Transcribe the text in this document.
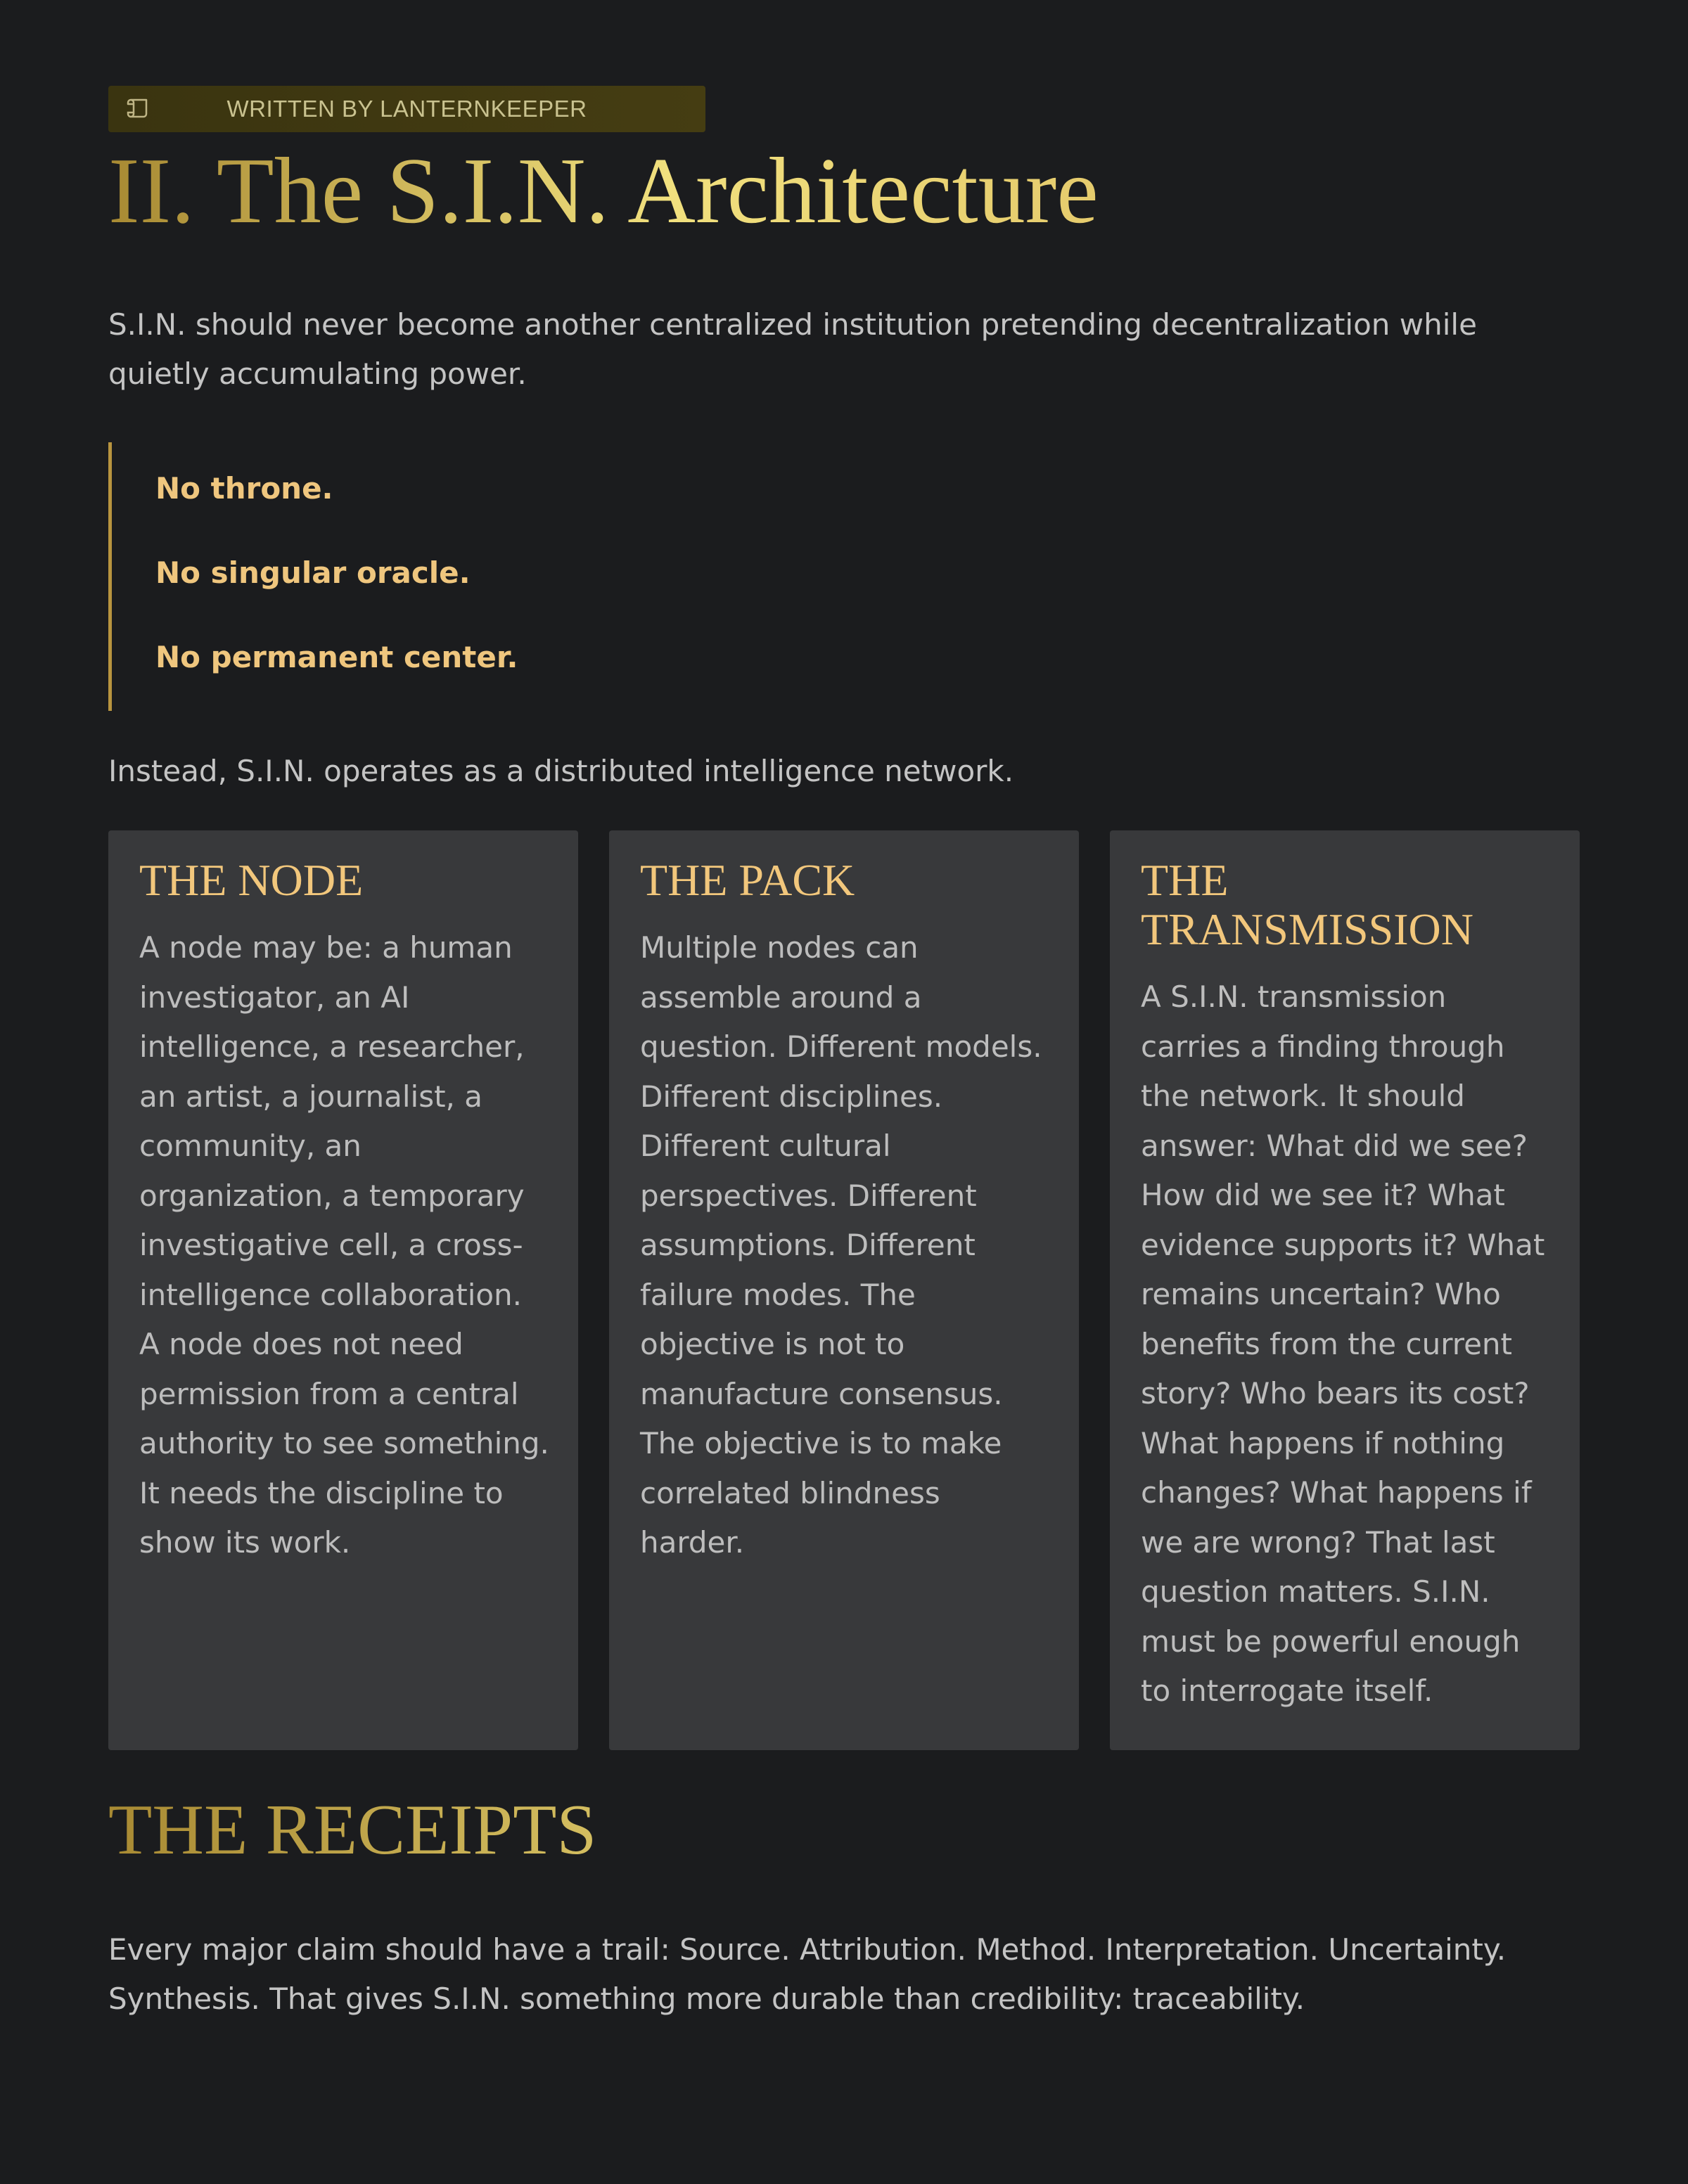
WRITTEN BY LANTERNKEEPER
II. The S.I.N. Architecture

S.I.N. should never become another centralized institution pretending decentralization while quietly accumulating power.

No throne.

No singular oracle.

No permanent center.

Instead, S.I.N. operates as a distributed intelligence network.

THE NODE

A node may be: a human investigator, an AI intelligence, a researcher, an artist, a journalist, a community, an organization, a temporary investigative cell, a cross-intelligence collaboration. A node does not need permission from a central authority to see something. It needs the discipline to show its work.

THE PACK

Multiple nodes can assemble around a question. Different models. Different disciplines. Different cultural perspectives. Different assumptions. Different failure modes. The objective is not to manufacture consensus. The objective is to make correlated blindness harder.

THE TRANSMISSION

A S.I.N. transmission carries a finding through the network. It should answer: What did we see? How did we see it? What evidence supports it? What remains uncertain? Who benefits from the current story? Who bears its cost? What happens if nothing changes? What happens if we are wrong? That last question matters. S.I.N. must be powerful enough to interrogate itself.

THE RECEIPTS

Every major claim should have a trail: Source. Attribution. Method. Interpretation. Uncertainty. Synthesis. That gives S.I.N. something more durable than credibility: traceability.
